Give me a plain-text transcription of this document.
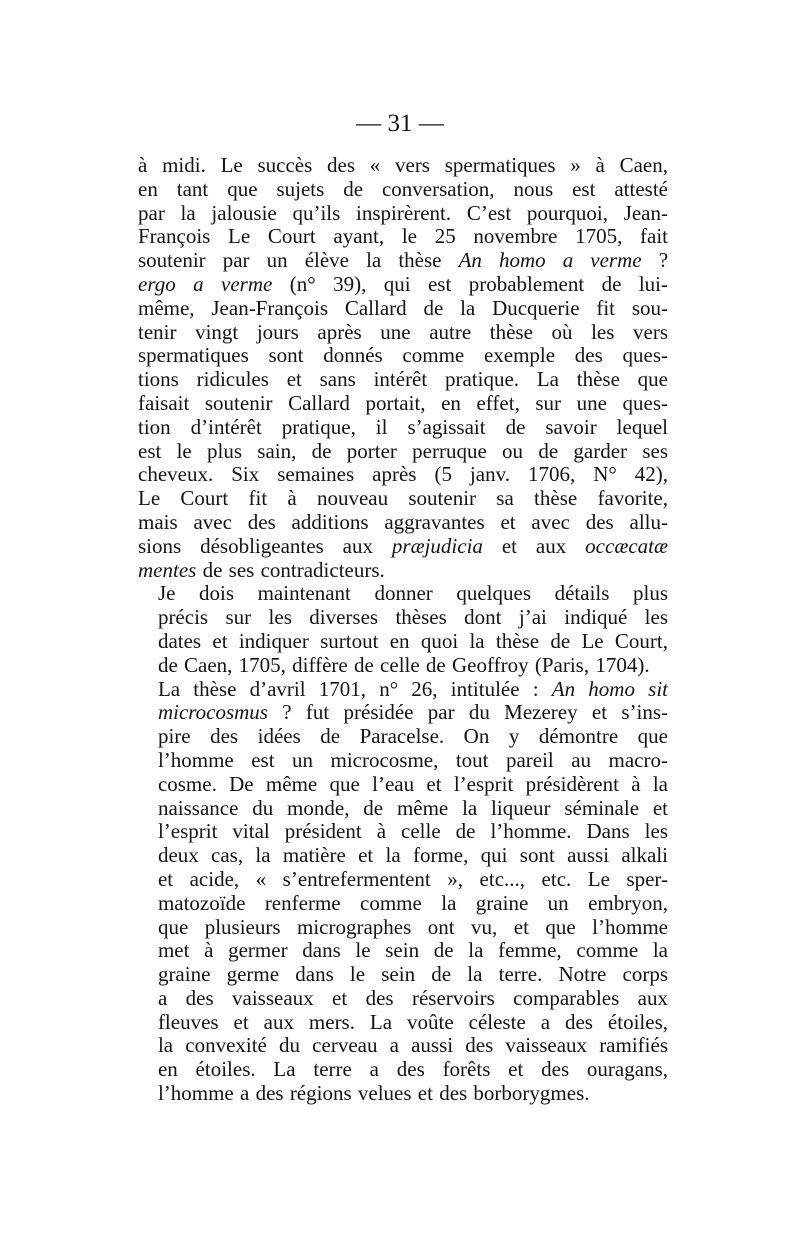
— 31 —

à midi. Le succès des « vers spermatiques » à Caen,
en tant que sujets de conversation, nous est attesté
par la jalousie qu’ils inspirèrent. C’est pourquoi, Jean-
François Le Court ayant, le 25 novembre 1705, fait
soutenir par un élève la thèse An homo a verme ?
ergo a verme (n° 39), qui est probablement de lui-
même, Jean-François Callard de la Ducquerie fit sou-
tenir vingt jours après une autre thèse où les vers
spermatiques sont donnés comme exemple des ques-
tions ridicules et sans intérêt pratique. La thèse que
faisait soutenir Callard portait, en effet, sur une ques-
tion d’intérêt pratique, il s’agissait de savoir lequel
est le plus sain, de porter perruque ou de garder ses
cheveux. Six semaines après (5 janv. 1706, N° 42),
Le Court fit à nouveau soutenir sa thèse favorite,
mais avec des additions aggravantes et avec des allu-
sions désobligeantes aux præjudicia et aux occæcatæ
mentes de ses contradicteurs.

Je dois maintenant donner quelques détails plus
précis sur les diverses thèses dont j’ai indiqué les
dates et indiquer surtout en quoi la thèse de Le Court,
de Caen, 1705, diffère de celle de Geoffroy (Paris, 1704).

La thèse d’avril 1701, n° 26, intitulée : An homo sit
microcosmus ? fut présidée par du Mezerey et s’ins-
pire des idées de Paracelse. On y démontre que
l’homme est un microcosme, tout pareil au macro-
cosme. De même que l’eau et l’esprit présidèrent à la
naissance du monde, de même la liqueur séminale et
l’esprit vital président à celle de l’homme. Dans les
deux cas, la matière et la forme, qui sont aussi alkali
et acide, « s’entrefermentent », etc..., etc. Le sper-
matozoïde renferme comme la graine un embryon,
que plusieurs micrographes ont vu, et que l’homme
met à germer dans le sein de la femme, comme la
graine germe dans le sein de la terre. Notre corps
a des vaisseaux et des réservoirs comparables aux
fleuves et aux mers. La voûte céleste a des étoiles,
la convexité du cerveau a aussi des vaisseaux ramifiés
en étoiles. La terre a des forêts et des ouragans,
l’homme a des régions velues et des borborygmes.
